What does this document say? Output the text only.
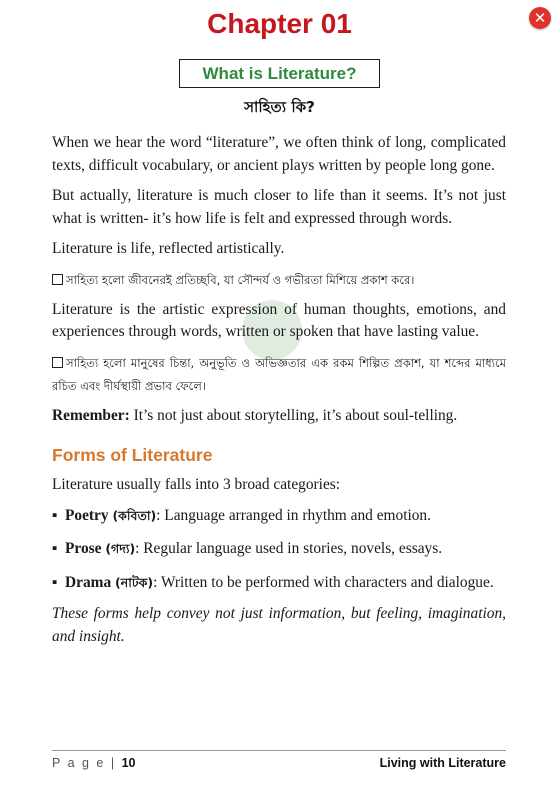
✕
Chapter 01
What is Literature?
সাহিত্য কি?

When we hear the word “literature”, we often think of long, complicated texts, difficult vocabulary, or ancient plays written by people long gone.

But actually, literature is much closer to life than it seems. It’s not just what is written- it’s how life is felt and expressed through words.

Literature is life, reflected artistically.

সাহিত্য হলো জীবনেরই প্রতিচ্ছবি, যা সৌন্দর্য ও গভীরতা মিশিয়ে প্রকাশ করে।

Literature is the artistic expression of human thoughts, emotions, and experiences through words, written or spoken that have lasting value.

সাহিত্য হলো মানুষের চিন্তা, অনুভূতি ও অভিজ্ঞতার এক রকম শিল্পিত প্রকাশ, যা শব্দের মাধ্যমে রচিত এবং দীর্ঘস্থায়ী প্রভাব ফেলে।

Remember: It’s not just about storytelling, it’s about soul-telling.

Forms of Literature

Literature usually falls into 3 broad categories:

▪ Poetry (কবিতা): Language arranged in rhythm and emotion.
▪ Prose (গদ্য): Regular language used in stories, novels, essays.
▪ Drama (নাটক): Written to be performed with characters and dialogue.

These forms help convey not just information, but feeling, imagination, and insight.

P a g e | 10	Living with Literature
